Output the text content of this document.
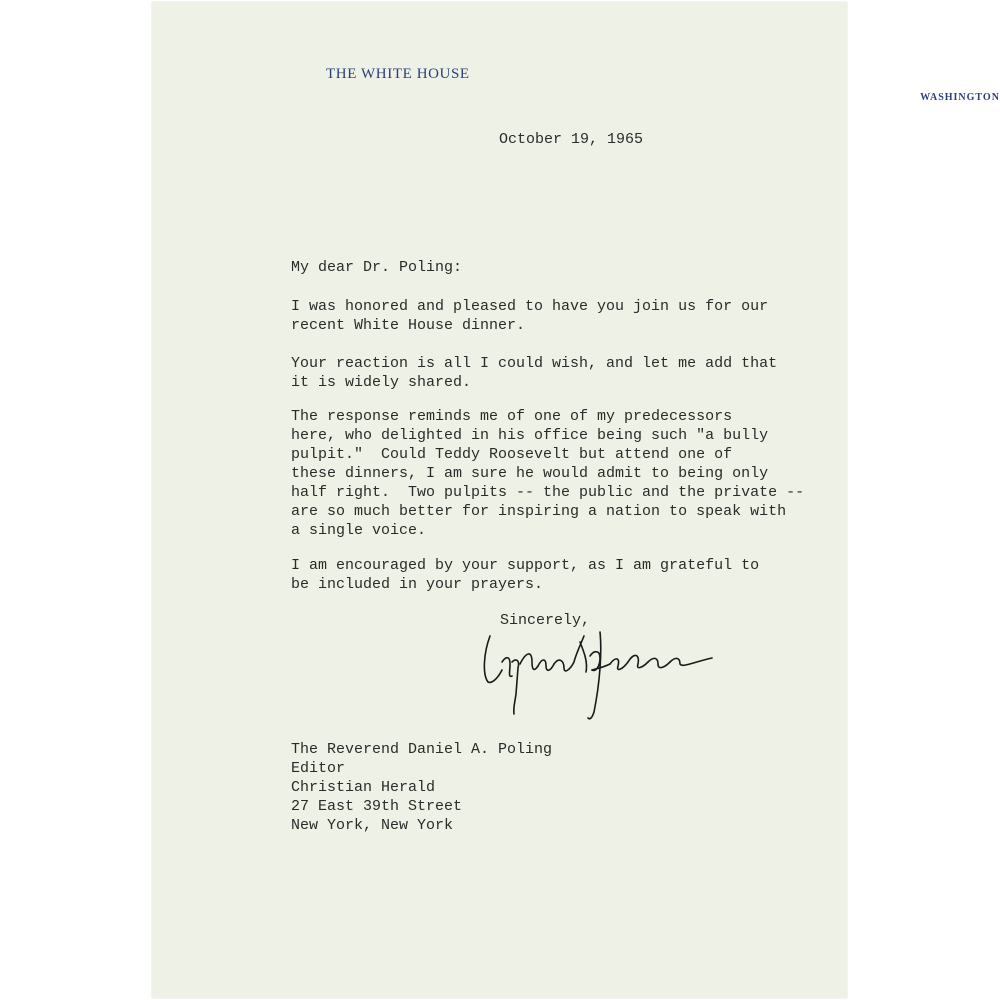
THE WHITE HOUSE
WASHINGTON
October 19, 1965
My dear Dr. Poling:
I was honored and pleased to have you join us for our
recent White House dinner.
Your reaction is all I could wish, and let me add that
it is widely shared.
The response reminds me of one of my predecessors
here, who delighted in his office being such "a bully
pulpit."  Could Teddy Roosevelt but attend one of
these dinners, I am sure he would admit to being only
half right.  Two pulpits -- the public and the private --
are so much better for inspiring a nation to speak with
a single voice.
I am encouraged by your support, as I am grateful to
be included in your prayers.
Sincerely,
The Reverend Daniel A. Poling
Editor
Christian Herald
27 East 39th Street
New York, New York
